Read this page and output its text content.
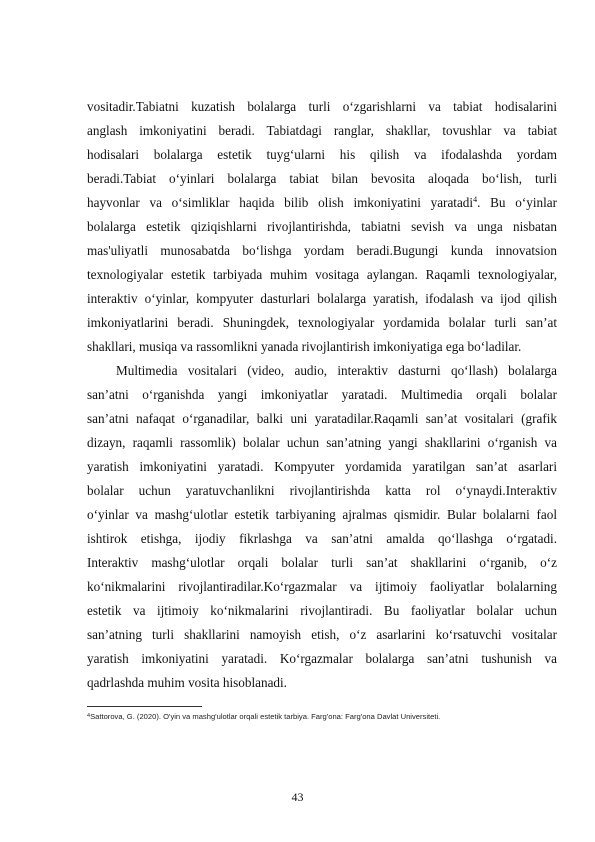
vositadir.Tabiatni kuzatish bolalarga turli o‘zgarishlarni va tabiat hodisalarini
anglash imkoniyatini beradi. Tabiatdagi ranglar, shakllar, tovushlar va tabiat
hodisalari bolalarga estetik tuyg‘ularni his qilish va ifodalashda yordam
beradi.Tabiat o‘yinlari bolalarga tabiat bilan bevosita aloqada bo‘lish, turli
hayvonlar va o‘simliklar haqida bilib olish imkoniyatini yaratadi$^4$. Bu o‘yinlar
bolalarga estetik qiziqishlarni rivojlantirishda, tabiatni sevish va unga nisbatan
mas'uliyatli munosabatda bo‘lishga yordam beradi.Bugungi kunda innovatsion
texnologiyalar estetik tarbiyada muhim vositaga aylangan. Raqamli texnologiyalar,
interaktiv o‘yinlar, kompyuter dasturlari bolalarga yaratish, ifodalash va ijod qilish
imkoniyatlarini beradi. Shuningdek, texnologiyalar yordamida bolalar turli san’at
shakllari, musiqa va rassomlikni yanada rivojlantirish imkoniyatiga ega bo‘ladilar.
Multimedia vositalari (video, audio, interaktiv dasturni qo‘llash) bolalarga
san’atni o‘rganishda yangi imkoniyatlar yaratadi. Multimedia orqali bolalar
san’atni nafaqat o‘rganadilar, balki uni yaratadilar.Raqamli san’at vositalari (grafik
dizayn, raqamli rassomlik) bolalar uchun san’atning yangi shakllarini o‘rganish va
yaratish imkoniyatini yaratadi. Kompyuter yordamida yaratilgan san’at asarlari
bolalar uchun yaratuvchanlikni rivojlantirishda katta rol o‘ynaydi.Interaktiv
o‘yinlar va mashg‘ulotlar estetik tarbiyaning ajralmas qismidir. Bular bolalarni faol
ishtirok etishga, ijodiy fikrlashga va san’atni amalda qo‘llashga o‘rgatadi.
Interaktiv mashg‘ulotlar orqali bolalar turli san’at shakllarini o‘rganib, o‘z
ko‘nikmalarini rivojlantiradilar.Ko‘rgazmalar va ijtimoiy faoliyatlar bolalarning
estetik va ijtimoiy ko‘nikmalarini rivojlantiradi. Bu faoliyatlar bolalar uchun
san’atning turli shakllarini namoyish etish, o‘z asarlarini ko‘rsatuvchi vositalar
yaratish imkoniyatini yaratadi. Ko‘rgazmalar bolalarga san’atni tushunish va
qadrlashda muhim vosita hisoblanadi.
$^4$Sattorova, G. (2020). O'yin va mashg'ulotlar orqali estetik tarbiya. Farg'ona: Farg'ona Davlat Universiteti.
43
